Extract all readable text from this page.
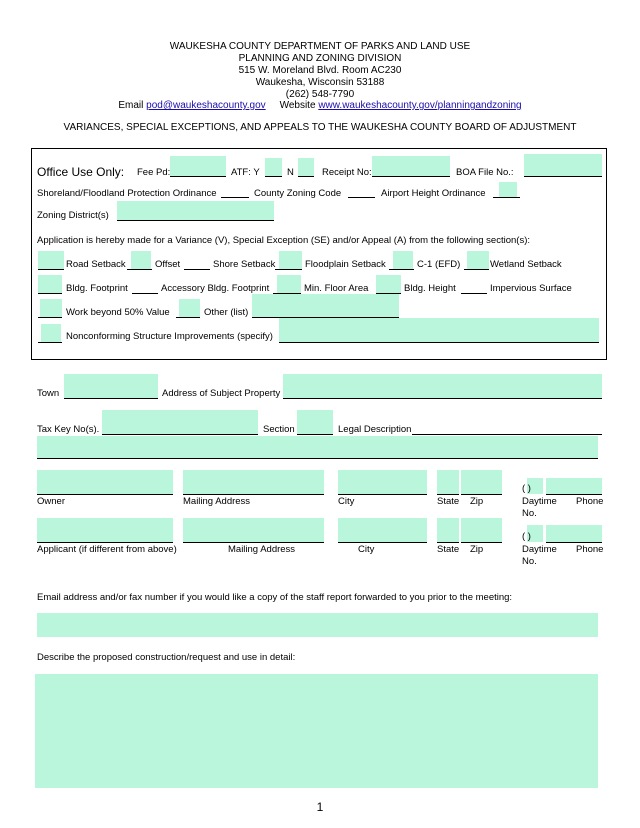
WAUKESHA COUNTY DEPARTMENT OF PARKS AND LAND USE
PLANNING AND ZONING DIVISION
515 W. Moreland Blvd. Room AC230
Waukesha, Wisconsin 53188
(262) 548-7790
Email pod@waukeshacounty.gov Website www.waukeshacounty.gov/planningandzoning
VARIANCES, SPECIAL EXCEPTIONS, AND APPEALS TO THE WAUKESHA COUNTY BOARD OF ADJUSTMENT
Office Use Only: Fee Pd:	ATF: Y	N	Receipt No:	BOA File No.:
Shoreland/Floodland Protection Ordinance	County Zoning Code	Airport Height Ordinance
Zoning District(s)
Application is hereby made for a Variance (V), Special Exception (SE) and/or Appeal (A) from the following section(s):
Road Setback	Offset	Shore Setback	Floodplain Setback	C-1 (EFD)	Wetland Setback
Bldg. Footprint	Accessory Bldg. Footprint	Min. Floor Area	Bldg. Height	Impervious Surface
Work beyond 50% Value	Other (list)
Nonconforming Structure Improvements (specify)
Town	Address of Subject Property
Tax Key No(s).	Section	Legal Description
( )
Owner	Mailing Address	City	State Zip	Daytime Phone
No.
( )
Applicant (if different from above)	Mailing Address	City	State Zip	Daytime Phone
No.
Email address and/or fax number if you would like a copy of the staff report forwarded to you prior to the meeting:
Describe the proposed construction/request and use in detail:
1
